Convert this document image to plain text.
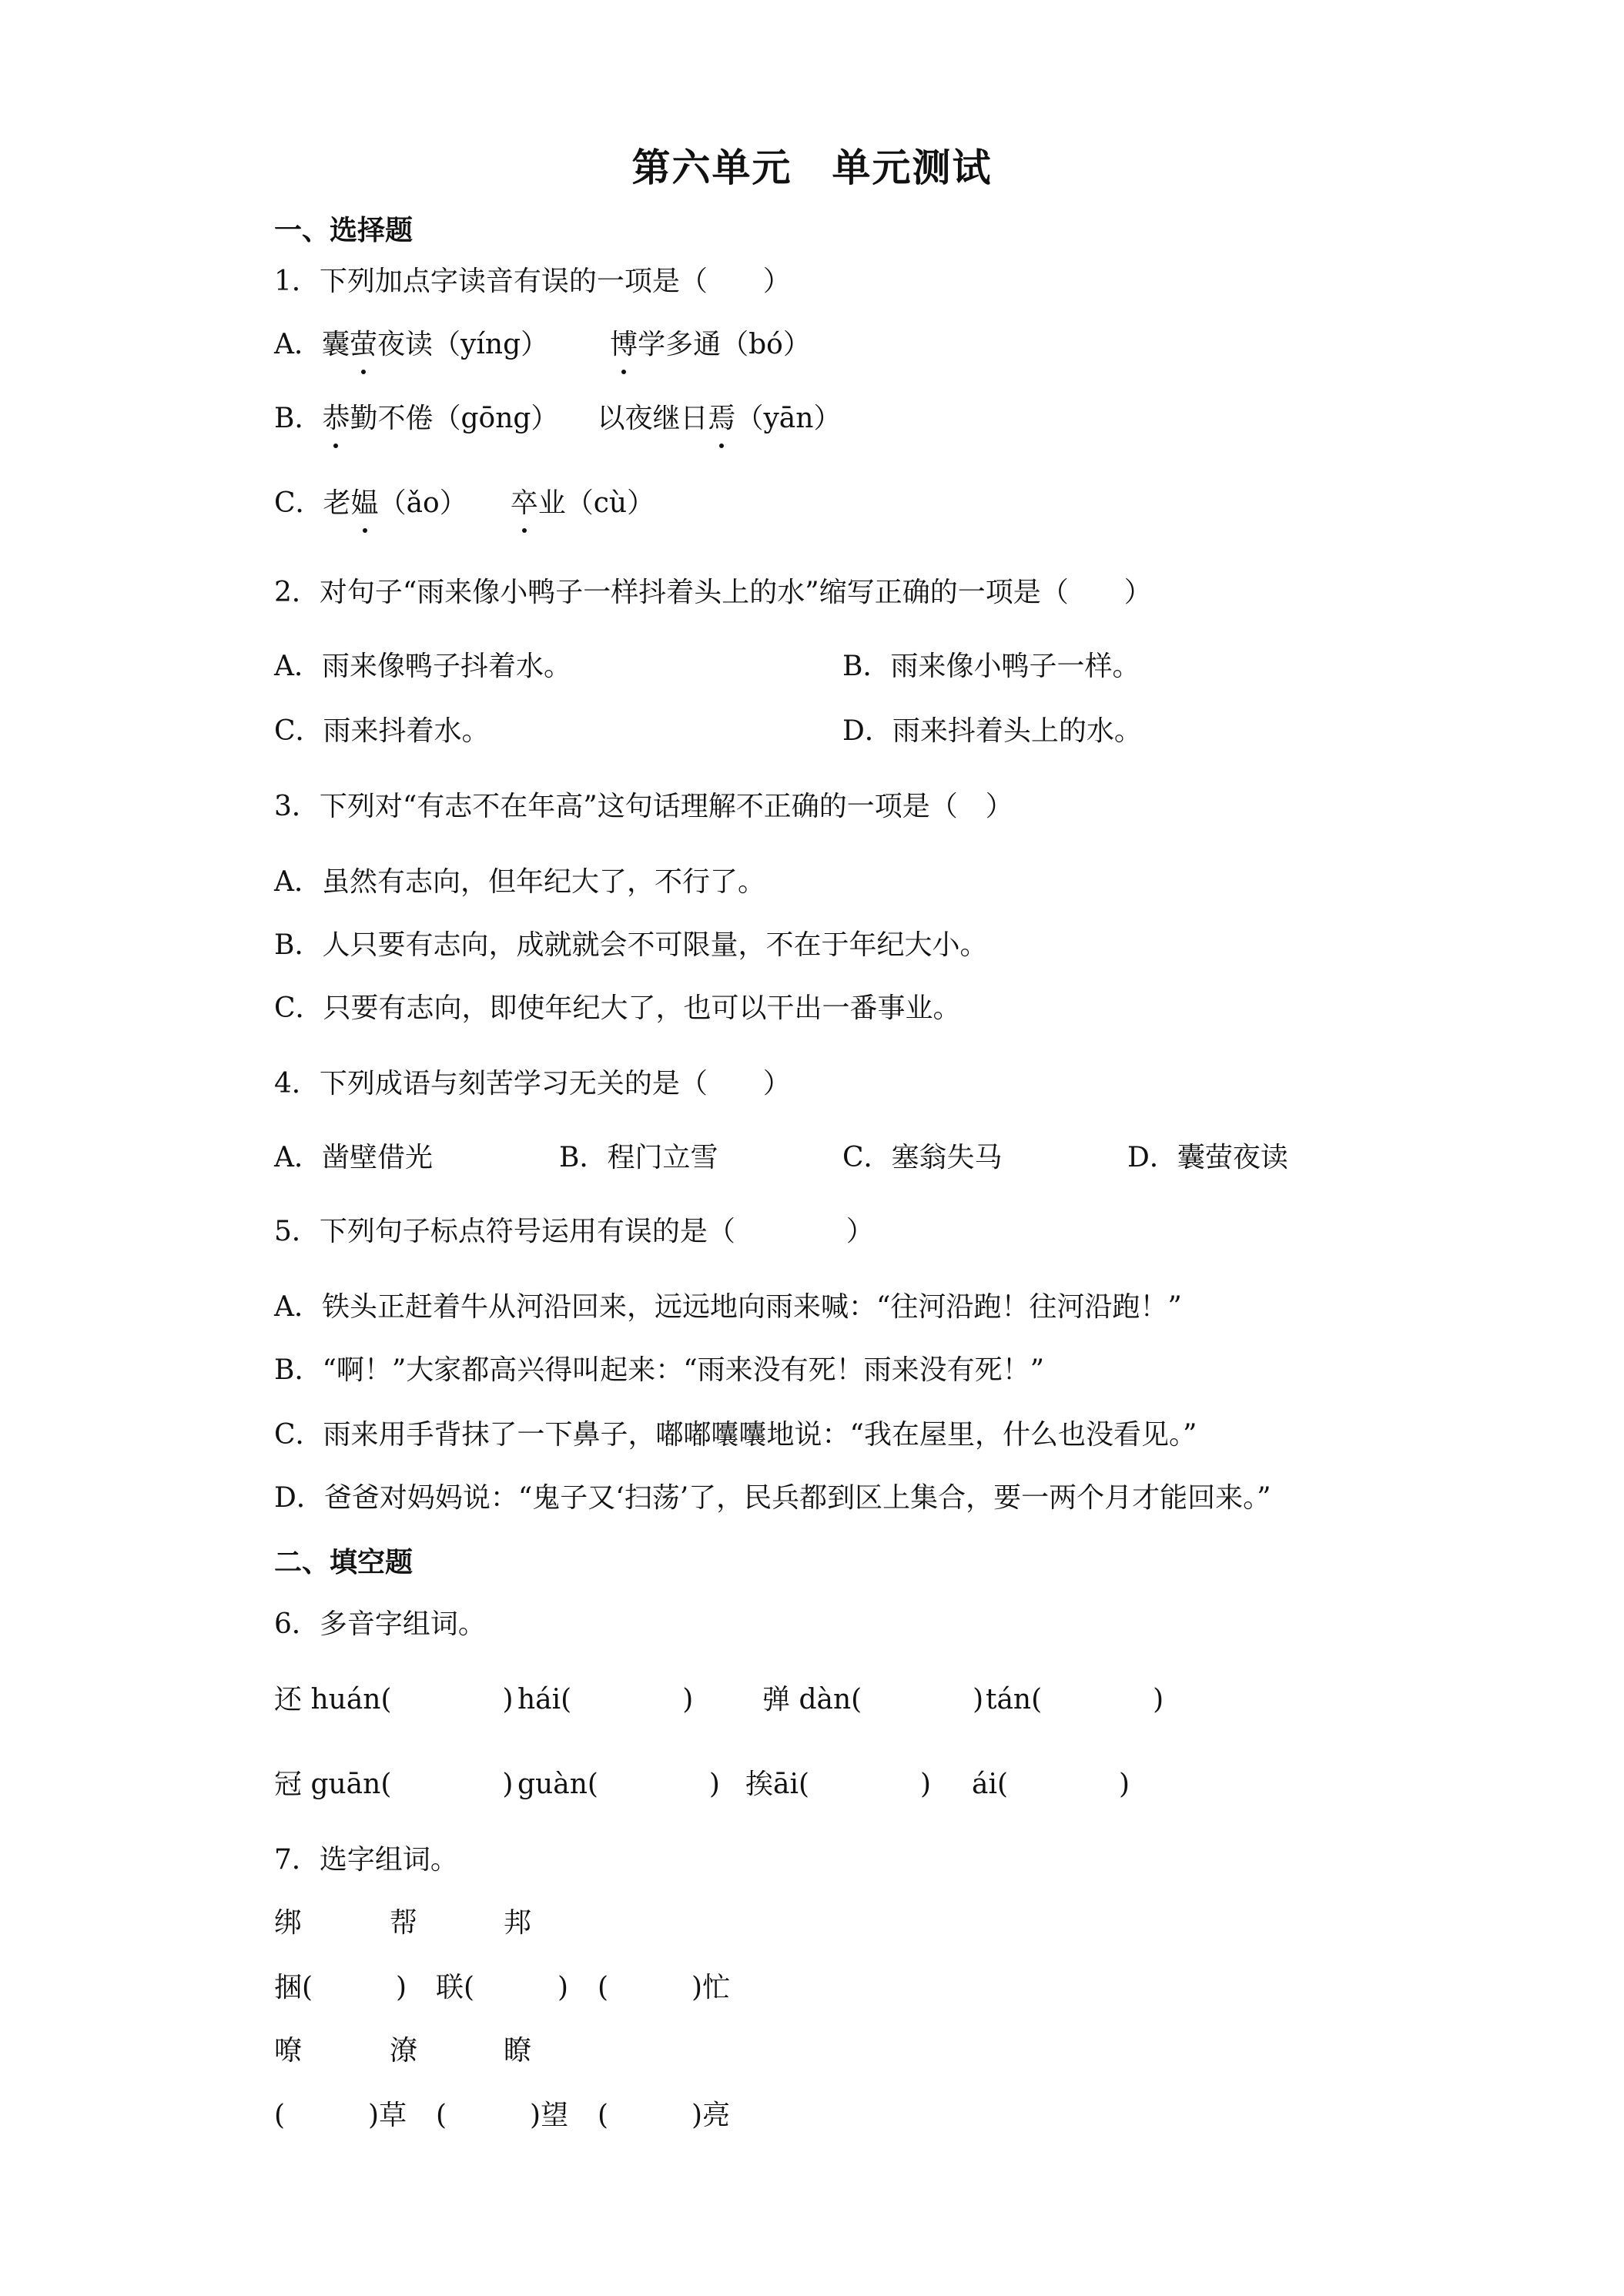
第六单元　单元测试
一、选择题
1．下列加点字读音有误的一项是（　　）
A．囊萤夜读（yíng） 博学多通（bó）
B．恭勤不倦（gōng） 以夜继日焉（yān）
C．老媪（ǎo） 卒业（cù）
2．对句子“雨来像小鸭子一样抖着头上的水”缩写正确的一项是（　　）
A．雨来像鸭子抖着水。	B．雨来像小鸭子一样。
C．雨来抖着水。	D．雨来抖着头上的水。
3．下列对“有志不在年高”这句话理解不正确的一项是（　）
A．虽然有志向，但年纪大了，不行了。
B．人只要有志向，成就就会不可限量，不在于年纪大小。
C．只要有志向，即使年纪大了，也可以干出一番事业。
4．下列成语与刻苦学习无关的是（　　）
A．凿壁借光	B．程门立雪	C．塞翁失马	D．囊萤夜读
5．下列句子标点符号运用有误的是（　　　　）
A．铁头正赶着牛从河沿回来，远远地向雨来喊：“往河沿跑！往河沿跑！”
B．“啊！”大家都高兴得叫起来：“雨来没有死！雨来没有死！”
C．雨来用手背抹了一下鼻子，嘟嘟囔囔地说：“我在屋里，什么也没看见。”
D．爸爸对妈妈说：“鬼子又‘扫荡’了，民兵都到区上集合，要一两个月才能回来。”
二、填空题
6．多音字组词。
还 huán(　　　　) hái(　　　　) 弹 dàn(　　　　) tán(　　　　)
冠 guān(　　　　) guàn(　　　　) 挨āi(　　　　) ái(　　　　)
7．选字组词。
绑	帮	邦
捆(　　　) 联(　　　) (　　　)忙
嘹	潦	瞭
(　　　)草 (　　　)望 (　　　)亮
